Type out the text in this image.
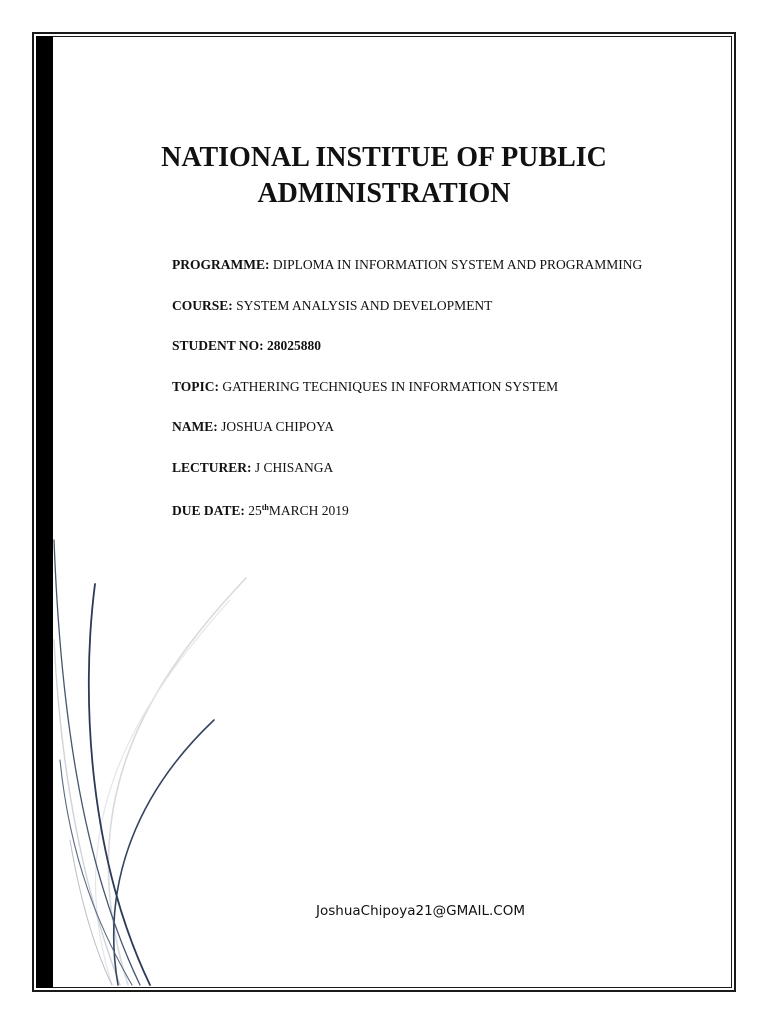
NATIONAL INSTITUE OF PUBLIC
ADMINISTRATION
PROGRAMME: DIPLOMA IN INFORMATION SYSTEM AND PROGRAMMING
COURSE: SYSTEM ANALYSIS AND DEVELOPMENT
STUDENT NO: 28025880
TOPIC: GATHERING TECHNIQUES IN INFORMATION SYSTEM
NAME: JOSHUA CHIPOYA
LECTURER: J CHISANGA
DUE DATE: 25thMARCH 2019
JoshuaChipoya21@GMAIL.COM
